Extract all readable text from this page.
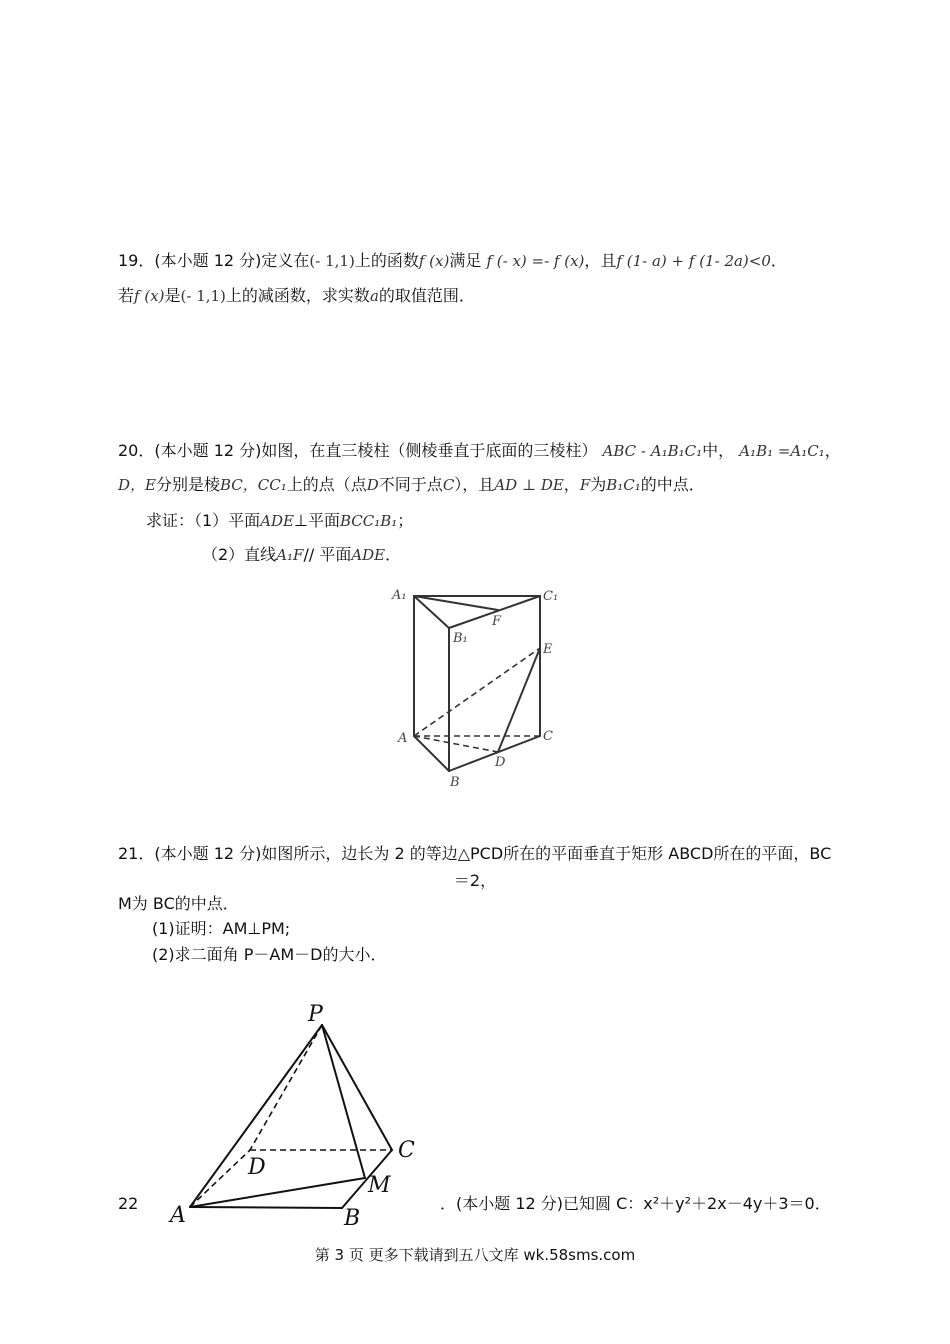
19．(本小题 12 分)定义在(- 1,1)上的函数f (x)满足 f (- x) =- f (x)，且f (1- a) + f (1- 2a)<0．
若f (x)是(- 1,1)上的减函数，求实数a的取值范围．
20．(本小题 12 分)如图，在直三棱柱（侧棱垂直于底面的三棱柱） ABC - A₁B₁C₁中， A₁B₁ =A₁C₁，
D，E分别是棱BC，CC₁上的点（点D不同于点C），且AD ⊥ DE，F为B₁C₁的中点．
求证：（1）平面ADE⊥平面BCC₁B₁；
（2）直线A₁F// 平面ADE．
A₁	C₁
F
B₁
E
A	C
D
B
21．(本小题 12 分)如图所示，边长为 2 的等边△PCD所在的平面垂直于矩形 ABCD所在的平面，BC
＝2，
M为 BC的中点．
(1)证明：AM⊥PM;
(2)求二面角 P－AM－D的大小．
P
C
D
M
A	B
22	．(本小题 12 分)已知圆 C：x²＋y²＋2x－4y＋3＝0．
第 3 页 更多下载请到五八文库 wk.58sms.com
